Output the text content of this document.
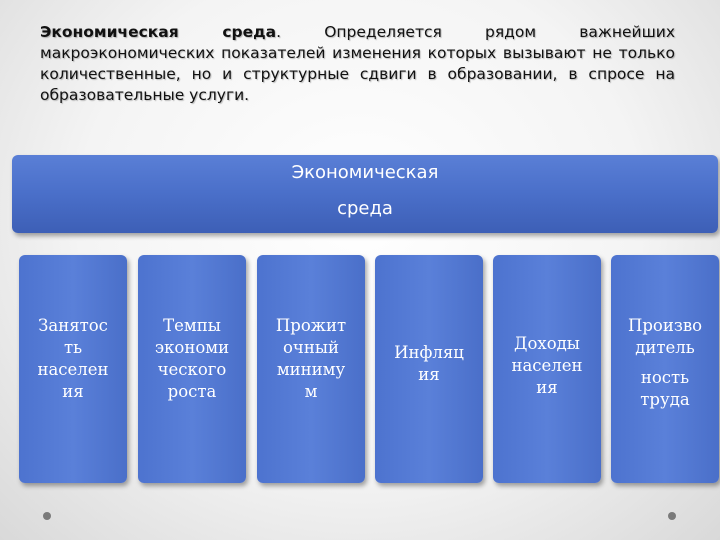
Экономическая среда. Определяется рядом важнейших макроэкономических показателей изменения которых вызывают не только количественные, но и структурные сдвиги в образовании, в спросе на образовательные услуги.
Экономическая
среда
Занятос
ть
населен
ия
Темпы
экономи
ческого
роста
Прожит
очный
миниму
м
Инфляц
ия
Доходы
населен
ия
Произво
дитель
ность
труда
